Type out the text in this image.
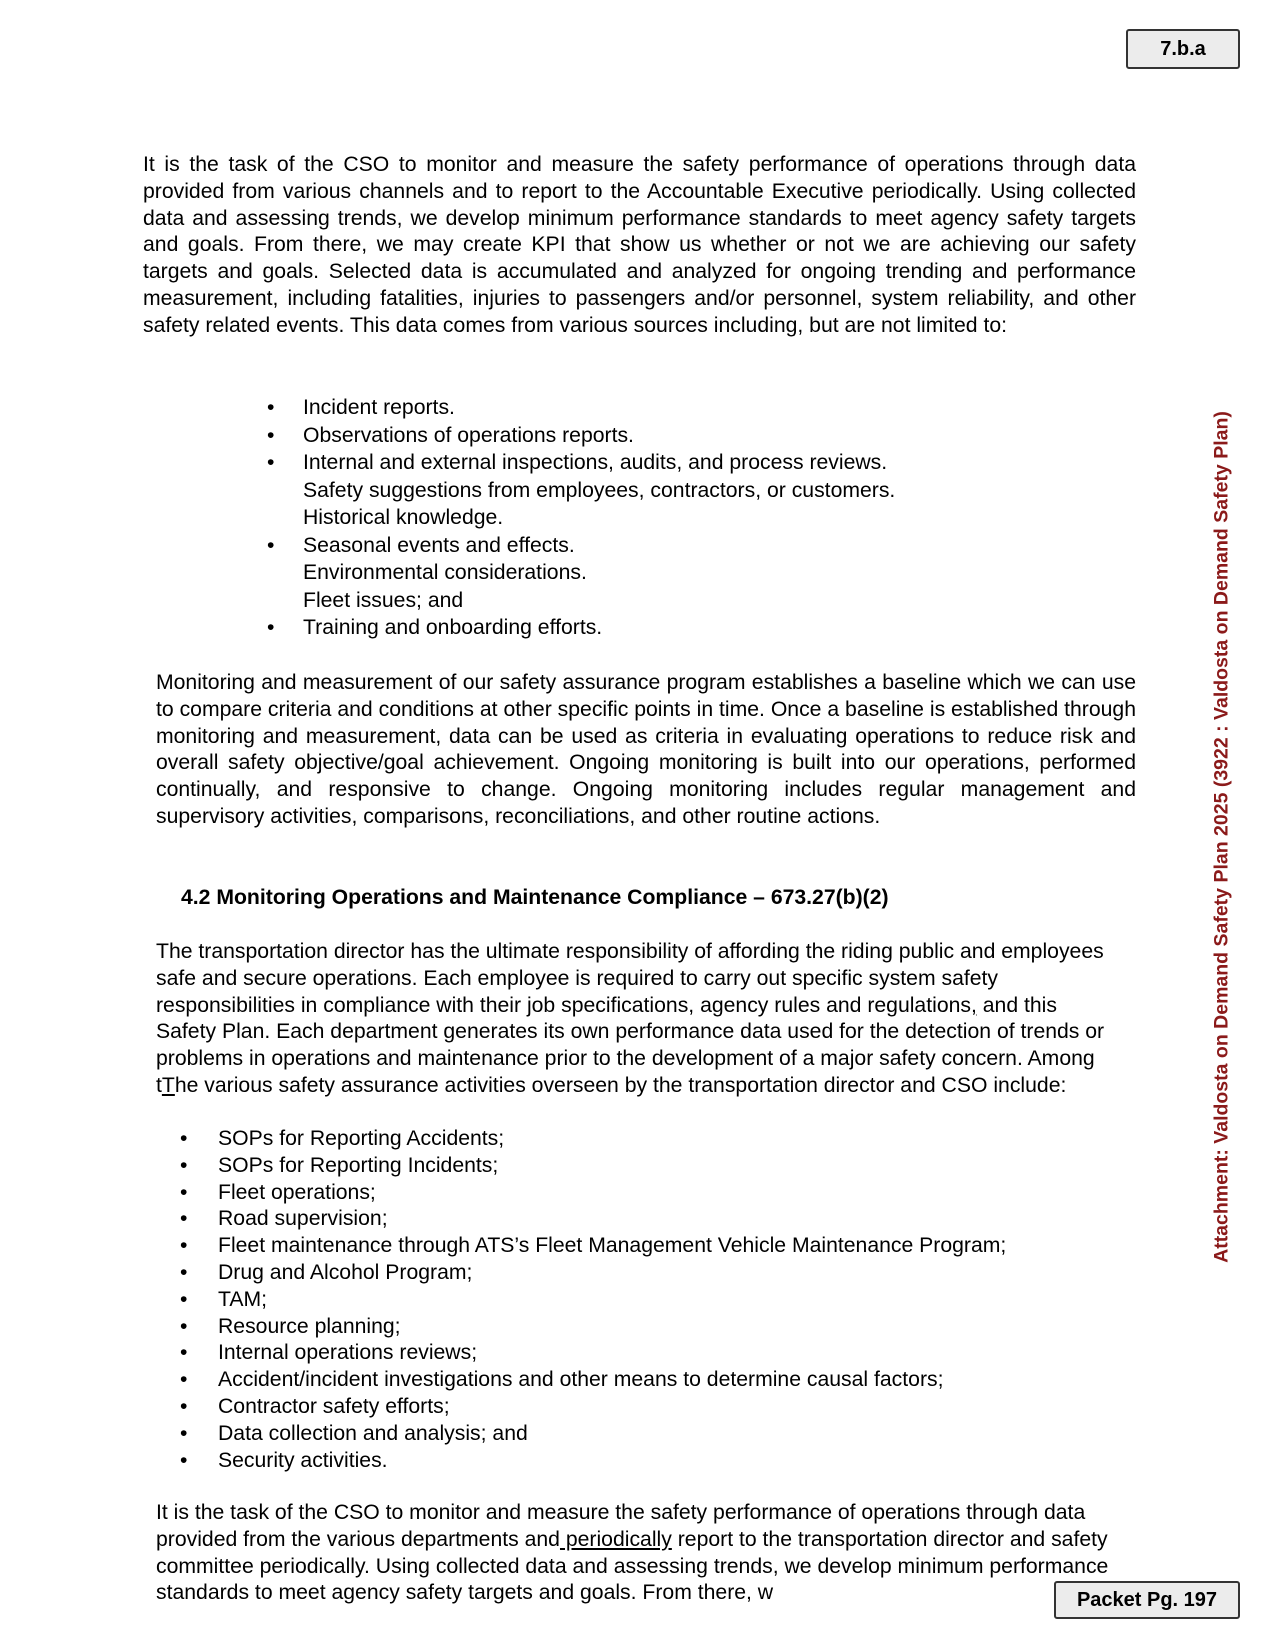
7.b.a
Attachment: Valdosta on Demand Safety Plan 2025 (3922 : Valdosta on Demand Safety Plan)

It is the task of the CSO to monitor and measure the safety performance of operations through data provided from various channels and to report to the Accountable Executive periodically. Using collected data and assessing trends, we develop minimum performance standards to meet agency safety targets and goals. From there, we may create KPI that show us whether or not we are achieving our safety targets and goals. Selected data is accumulated and analyzed for ongoing trending and performance measurement, including fatalities, injuries to passengers and/or personnel, system reliability, and other safety related events. This data comes from various sources including, but are not limited to:

• Incident reports.
• Observations of operations reports.
• Internal and external inspections, audits, and process reviews.
Safety suggestions from employees, contractors, or customers.
Historical knowledge.
• Seasonal events and effects.
Environmental considerations.
Fleet issues; and
• Training and onboarding efforts.

Monitoring and measurement of our safety assurance program establishes a baseline which we can use to compare criteria and conditions at other specific points in time. Once a baseline is established through monitoring and measurement, data can be used as criteria in evaluating operations to reduce risk and overall safety objective/goal achievement. Ongoing monitoring is built into our operations, performed continually, and responsive to change. Ongoing monitoring includes regular management and supervisory activities, comparisons, reconciliations, and other routine actions.

4.2 Monitoring Operations and Maintenance Compliance – 673.27(b)(2)

The transportation director has the ultimate responsibility of affording the riding public and employees safe and secure operations. Each employee is required to carry out specific system safety responsibilities in compliance with their job specifications, agency rules and regulations, and this Safety Plan. Each department generates its own performance data used for the detection of trends or problems in operations and maintenance prior to the development of a major safety concern. Among tThe various safety assurance activities overseen by the transportation director and CSO include:

• SOPs for Reporting Accidents;
• SOPs for Reporting Incidents;
• Fleet operations;
• Road supervision;
• Fleet maintenance through ATS’s Fleet Management Vehicle Maintenance Program;
• Drug and Alcohol Program;
• TAM;
• Resource planning;
• Internal operations reviews;
• Accident/incident investigations and other means to determine causal factors;
• Contractor safety efforts;
• Data collection and analysis; and
• Security activities.

It is the task of the CSO to monitor and measure the safety performance of operations through data provided from the various departments and periodically report to the transportation director and safety committee periodically. Using collected data and assessing trends, we develop minimum performance standards to meet agency safety targets and goals. From there, w	Packet Pg. 197
